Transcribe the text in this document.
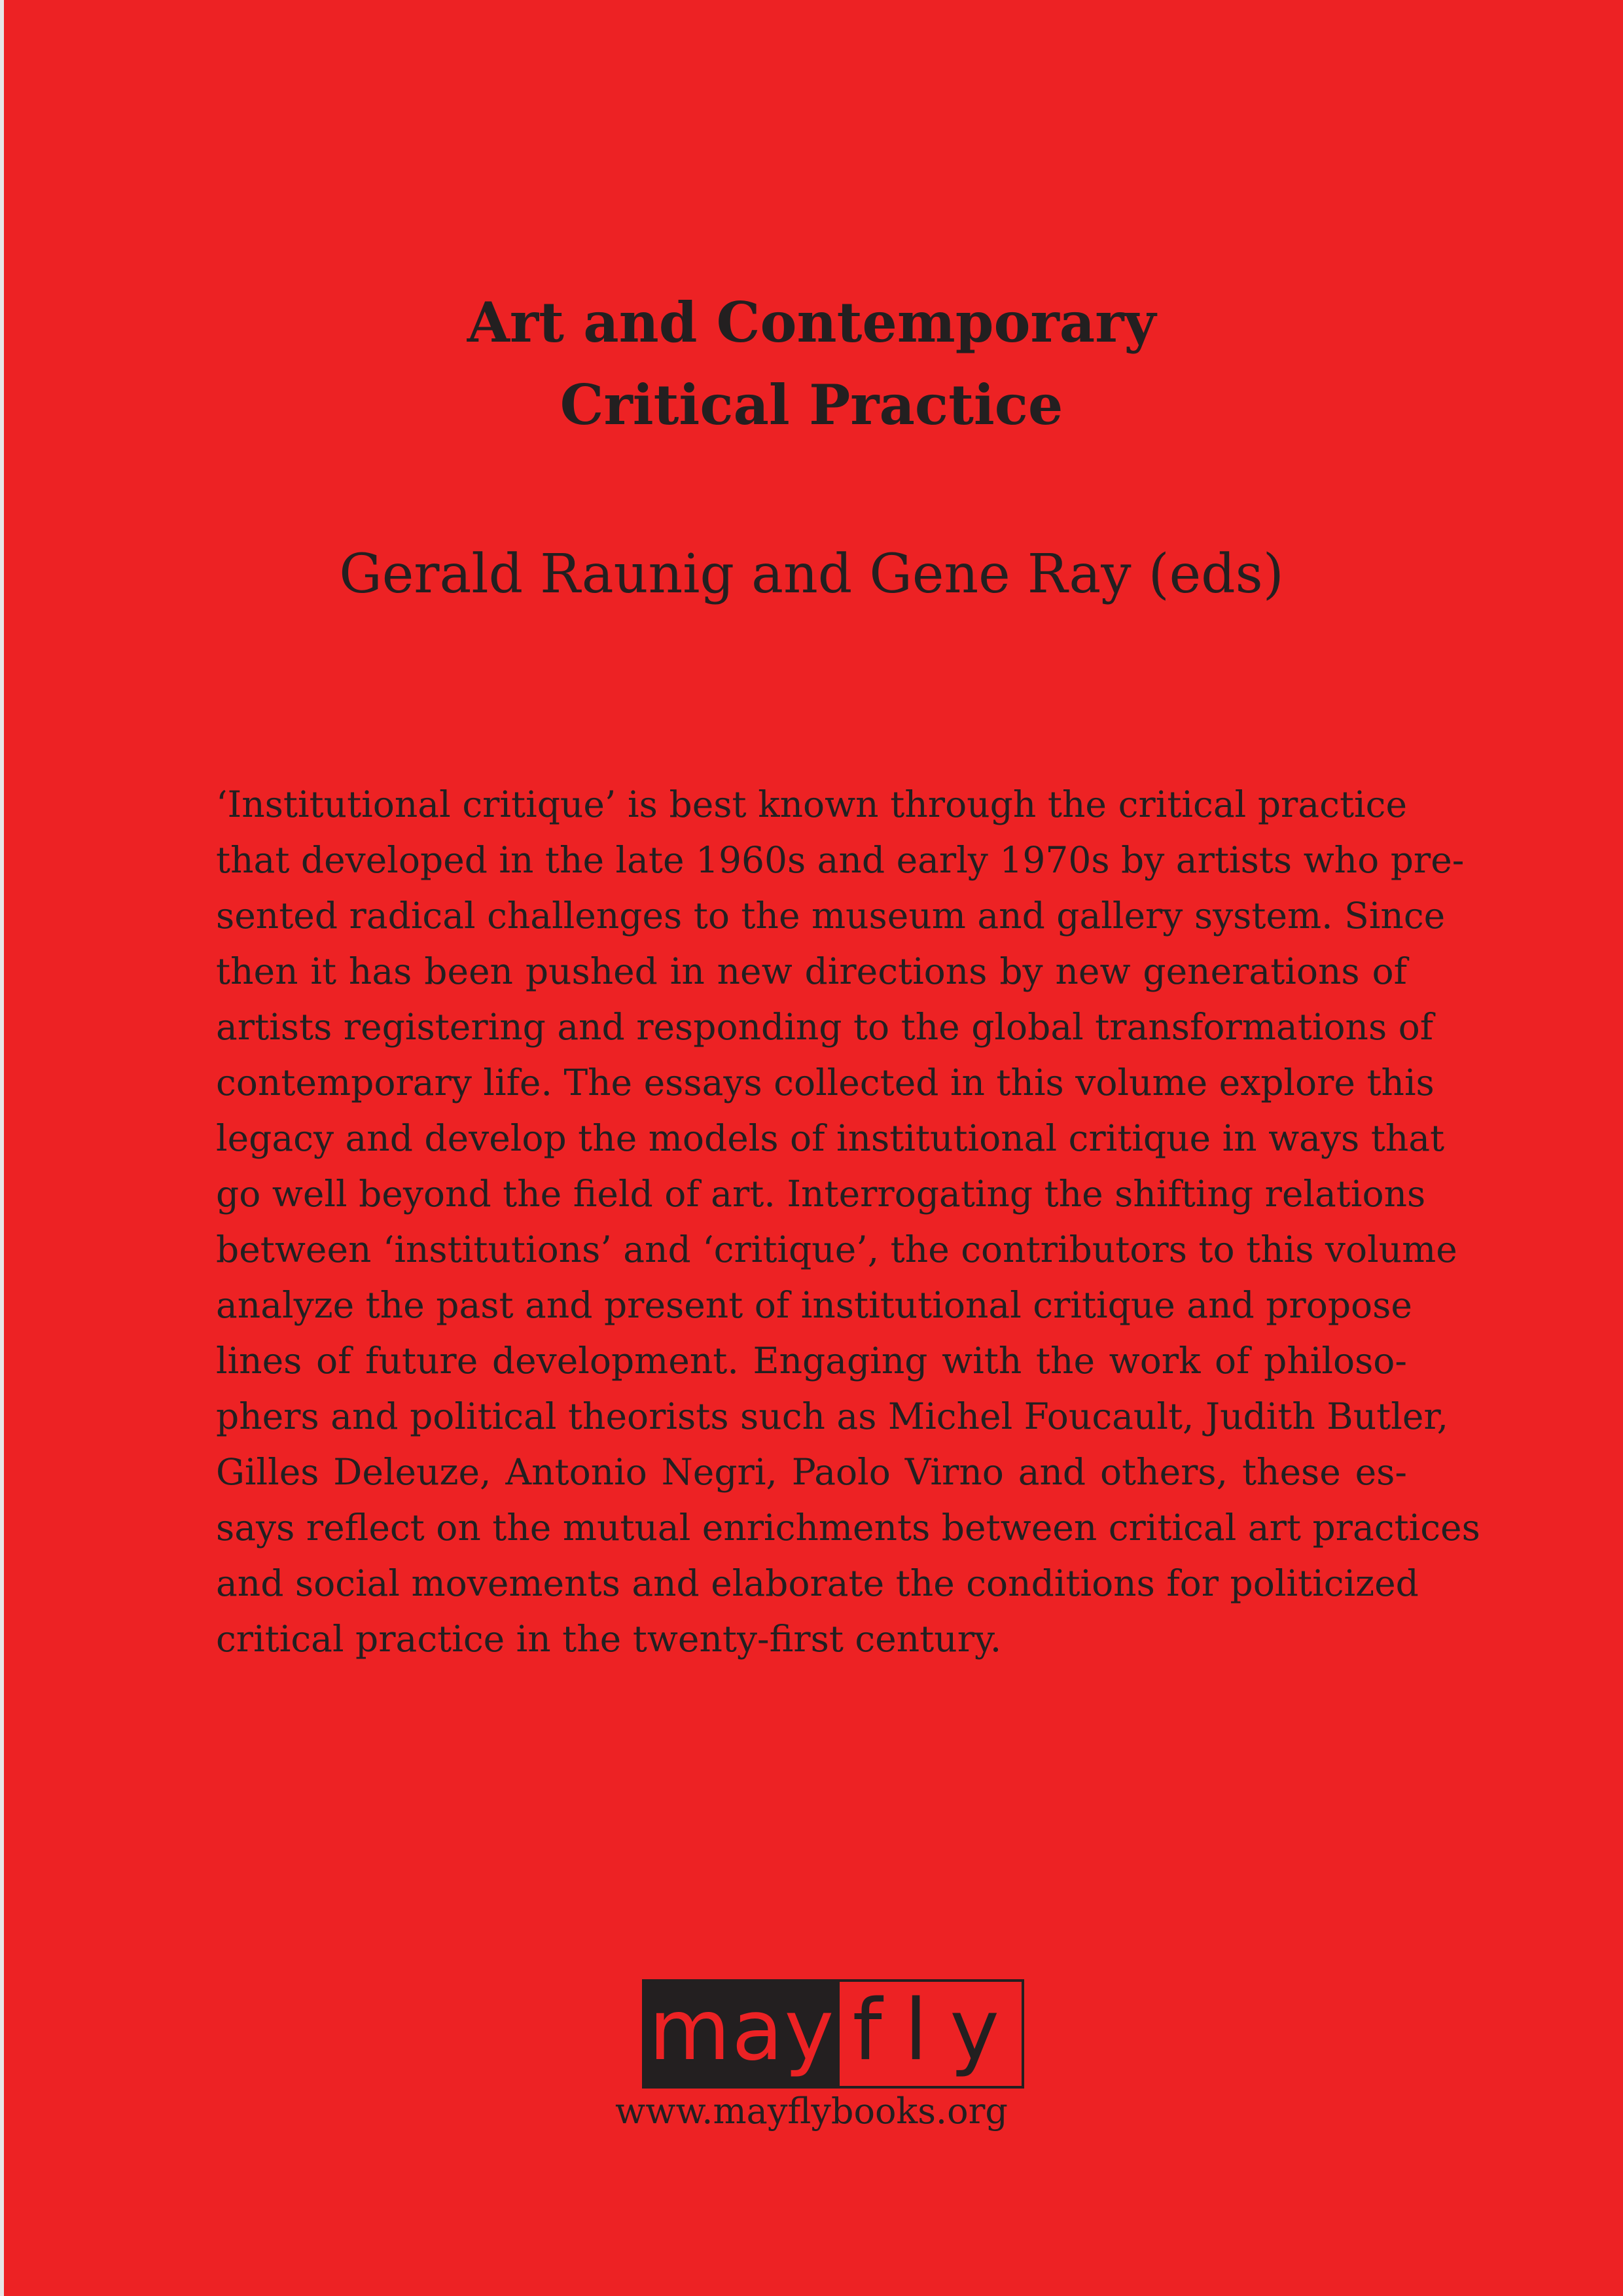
Art and Contemporary
Critical Practice
Gerald Raunig and Gene Ray (eds)
‘Institutional critique’ is best known through the critical practice
that developed in the late 1960s and early 1970s by artists who pre-
sented radical challenges to the museum and gallery system. Since
then it has been pushed in new directions by new generations of
artists registering and responding to the global transformations of
contemporary life. The essays collected in this volume explore this
legacy and develop the models of institutional critique in ways that
go well beyond the field of art. Interrogating the shifting relations
between ‘institutions’ and ‘critique’, the contributors to this volume
analyze the past and present of institutional critique and propose
lines of future development. Engaging with the work of philoso-
phers and political theorists such as Michel Foucault, Judith Butler,
Gilles Deleuze, Antonio Negri, Paolo Virno and others, these es-
says reflect on the mutual enrichments between critical art practices
and social movements and elaborate the conditions for politicized
critical practice in the twenty-first century.
may fly
www.mayflybooks.org
